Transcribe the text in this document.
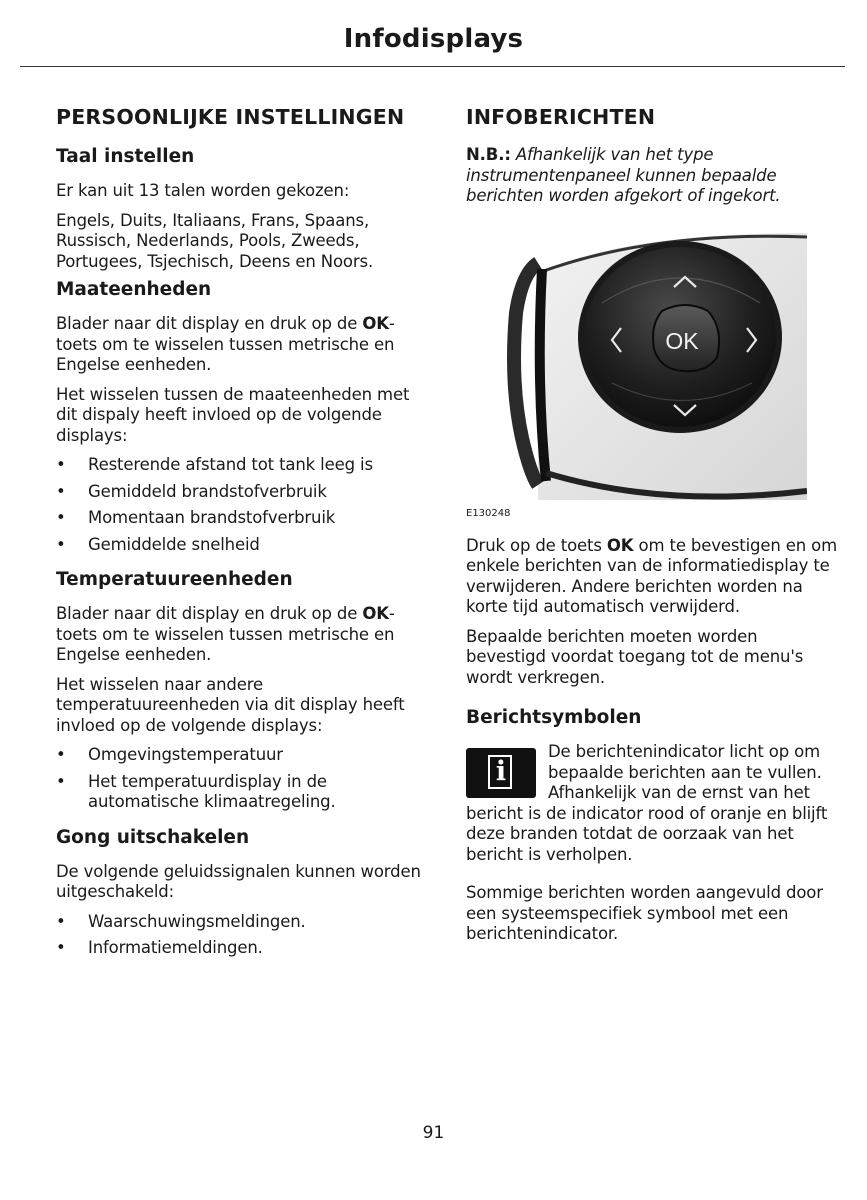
Infodisplays
PERSOONLIJKE INSTELLINGEN
Taal instellen

Er kan uit 13 talen worden gekozen:

Engels, Duits, Italiaans, Frans, Spaans, Russisch, Nederlands, Pools, Zweeds, Portugees, Tsjechisch, Deens en Noors.

Maateenheden

Blader naar dit display en druk op de OK-toets om te wisselen tussen metrische en Engelse eenheden.

Het wisselen tussen de maateenheden met dit dispaly heeft invloed op de volgende displays:

• Resterende afstand tot tank leeg is
• Gemiddeld brandstofverbruik
• Momentaan brandstofverbruik
• Gemiddelde snelheid
Temperatuureenheden

Blader naar dit display en druk op de OK-toets om te wisselen tussen metrische en Engelse eenheden.

Het wisselen naar andere temperatuureenheden via dit display heeft invloed op de volgende displays:

• Omgevingstemperatuur
• Het temperatuurdisplay in de automatische klimaatregeling.
Gong uitschakelen

De volgende geluidssignalen kunnen worden uitgeschakeld:

• Waarschuwingsmeldingen.
• Informatiemeldingen.
INFOBERICHTEN

N.B.: Afhankelijk van het type instrumentenpaneel kunnen bepaalde berichten worden afgekort of ingekort.

OK
E130248

Druk op de toets OK om te bevestigen en om enkele berichten van de informatiedisplay te verwijderen. Andere berichten worden na korte tijd automatisch verwijderd.

Bepaalde berichten moeten worden bevestigd voordat toegang tot de menu's wordt verkregen.

Berichtsymbolen
i

De berichtenindicator licht op om bepaalde berichten aan te vullen. Afhankelijk van de ernst van het bericht is de indicator rood of oranje en blijft deze branden totdat de oorzaak van het bericht is verholpen.

Sommige berichten worden aangevuld door een systeemspecifiek symbool met een berichtenindicator.

91
